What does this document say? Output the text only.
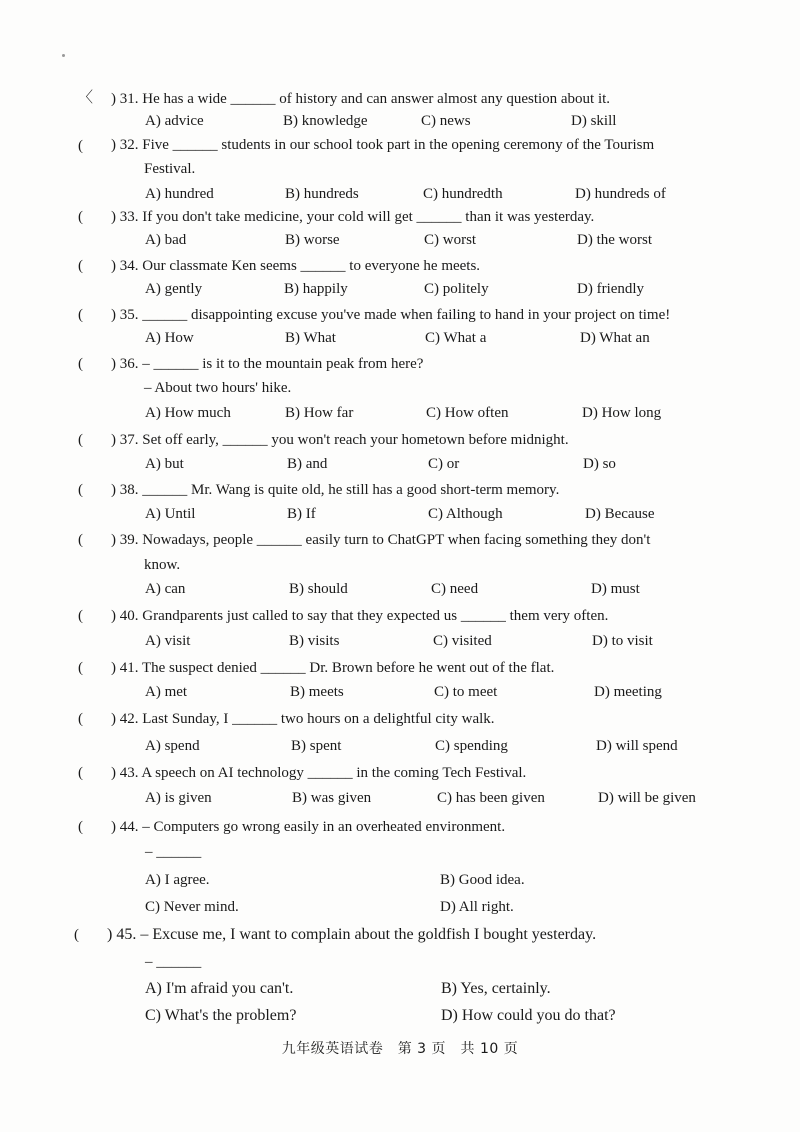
〈 ) 31. He has a wide ______ of history and can answer almost any question about it.
A) advice	B) knowledge	C) news	D) skill
( ) 32. Five ______ students in our school took part in the opening ceremony of the Tourism
Festival.
A) hundred	B) hundreds	C) hundredth	D) hundreds of
( ) 33. If you don't take medicine, your cold will get ______ than it was yesterday.
A) bad	B) worse	C) worst	D) the worst
( ) 34. Our classmate Ken seems ______ to everyone he meets.
A) gently	B) happily	C) politely	D) friendly
( ) 35. ______ disappointing excuse you've made when failing to hand in your project on time!
A) How	B) What	C) What a	D) What an
( ) 36. – ______ is it to the mountain peak from here?
– About two hours' hike.
A) How much	B) How far	C) How often	D) How long
( ) 37. Set off early, ______ you won't reach your hometown before midnight.
A) but	B) and	C) or	D) so
( ) 38. ______ Mr. Wang is quite old, he still has a good short-term memory.
A) Until	B) If	C) Although	D) Because
( ) 39. Nowadays, people ______ easily turn to ChatGPT when facing something they don't
know.
A) can	B) should	C) need	D) must
( ) 40. Grandparents just called to say that they expected us ______ them very often.
A) visit	B) visits	C) visited	D) to visit
( ) 41. The suspect denied ______ Dr. Brown before he went out of the flat.
A) met	B) meets	C) to meet	D) meeting
( ) 42. Last Sunday, I ______ two hours on a delightful city walk.
A) spend	B) spent	C) spending	D) will spend
( ) 43. A speech on AI technology ______ in the coming Tech Festival.
A) is given	B) was given	C) has been given	D) will be given
( ) 44. – Computers go wrong easily in an overheated environment.
– ______
A) I agree.	B) Good idea.
C) Never mind.	D) All right.
( ) 45. – Excuse me, I want to complain about the goldfish I bought yesterday.
– ______
A) I'm afraid you can't.	B) Yes, certainly.
C) What's the problem?	D) How could you do that?
九年级英语试卷　第 3 页　共 10 页
